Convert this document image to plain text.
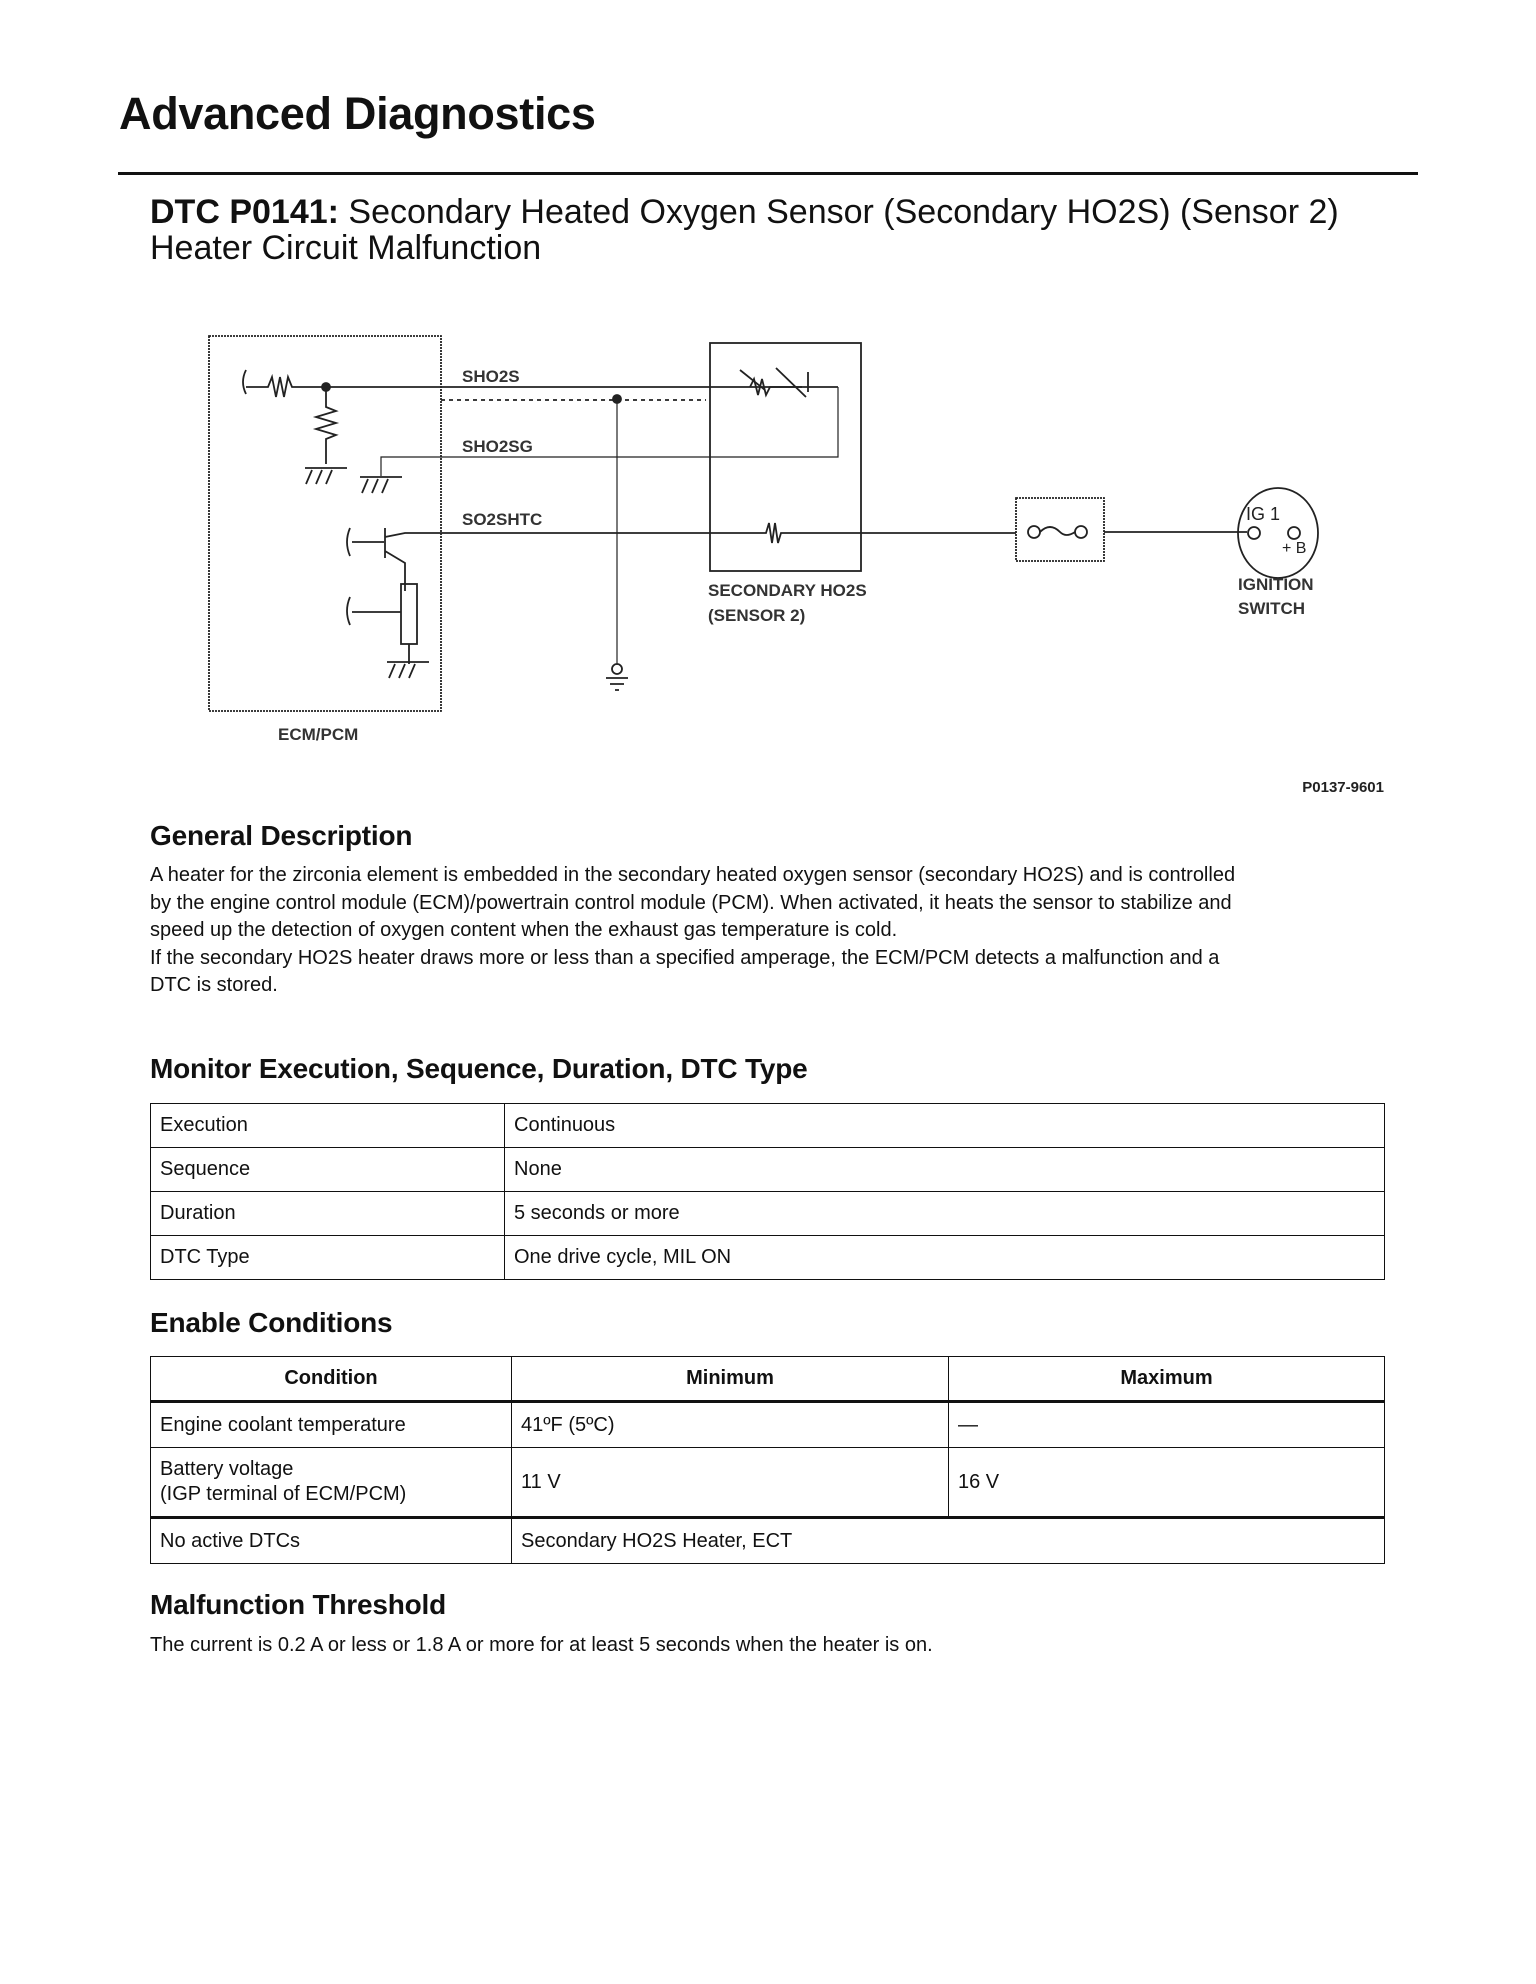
Advanced Diagnostics
DTC P0141: Secondary Heated Oxygen Sensor (Secondary HO2S) (Sensor 2)
Heater Circuit Malfunction
SHO2S
SHO2SG
SO2SHTC
ECM/PCM
SECONDARY HO2S
(SENSOR 2)
IG 1
+ B
IGNITION
SWITCH
P0137-9601
General Description
A heater for the zirconia element is embedded in the secondary heated oxygen sensor (secondary HO2S) and is controlled
by the engine control module (ECM)/powertrain control module (PCM). When activated, it heats the sensor to stabilize and
speed up the detection of oxygen content when the exhaust gas temperature is cold.
If the secondary HO2S heater draws more or less than a specified amperage, the ECM/PCM detects a malfunction and a
DTC is stored.
Monitor Execution, Sequence, Duration, DTC Type
Execution	Continuous
Sequence	None
Duration	5 seconds or more
DTC Type	One drive cycle, MIL ON
Enable Conditions
Condition	Minimum	Maximum
Engine coolant temperature	41ºF (5ºC)	—

Battery voltage
(IGP terminal of ECM/PCM)	11 V	16 V
No active DTCs	Secondary HO2S Heater, ECT	
Malfunction Threshold
The current is 0.2 A or less or 1.8 A or more for at least 5 seconds when the heater is on.
